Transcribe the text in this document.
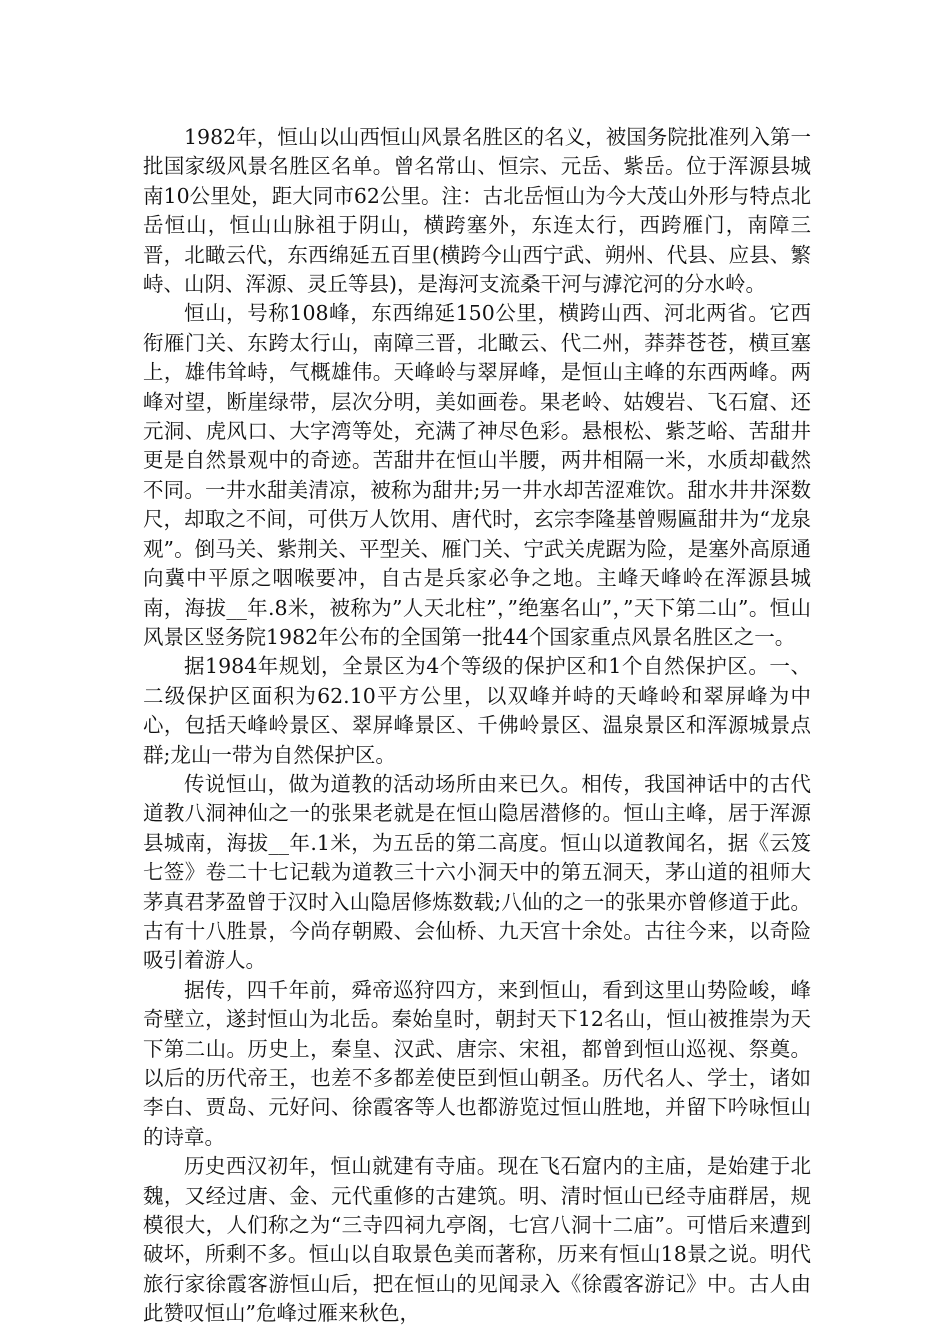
1982年，恒山以山西恒山风景名胜区的名义，被国务院批准列入第一批国家级风景名胜区名单。曾名常山、恒宗、元岳、紫岳。位于浑源县城南10公里处，距大同市62公里。注：古北岳恒山为今大茂山外形与特点北岳恒山，恒山山脉祖于阴山，横跨塞外，东连太行，西跨雁门，南障三晋，北瞰云代，东西绵延五百里(横跨今山西宁武、朔州、代县、应县、繁峙、山阴、浑源、灵丘等县)，是海河支流桑干河与滹沱河的分水岭。

恒山，号称108峰，东西绵延150公里，横跨山西、河北两省。它西衔雁门关、东跨太行山，南障三晋，北瞰云、代二州，莽莽苍苍，横亘塞上，雄伟耸峙，气概雄伟。天峰岭与翠屏峰，是恒山主峰的东西两峰。两峰对望，断崖绿带，层次分明，美如画卷。果老岭、姑嫂岩、飞石窟、还元洞、虎风口、大字湾等处，充满了神尽色彩。悬根松、紫芝峪、苦甜井更是自然景观中的奇迹。苦甜井在恒山半腰，两井相隔一米，水质却截然不同。一井水甜美清凉，被称为甜井;另一井水却苦涩难饮。甜水井井深数尺，却取之不间，可供万人饮用、唐代时，玄宗李隆基曾赐匾甜井为“龙泉观”。倒马关、紫荆关、平型关、雁门关、宁武关虎踞为险，是塞外高原通向冀中平原之咽喉要冲，自古是兵家必争之地。主峰天峰岭在浑源县城南，海拔__年.8米，被称为”人天北柱”，”绝塞名山”，”天下第二山”。恒山风景区竖务院1982年公布的全国第一批44个国家重点风景名胜区之一。

据1984年规划，全景区为4个等级的保护区和1个自然保护区。一、二级保护区面积为62.10平方公里，以双峰并峙的天峰岭和翠屏峰为中心，包括天峰岭景区、翠屏峰景区、千佛岭景区、温泉景区和浑源城景点群;龙山一带为自然保护区。

传说恒山，做为道教的活动场所由来已久。相传，我国神话中的古代道教八洞神仙之一的张果老就是在恒山隐居潜修的。恒山主峰，居于浑源县城南，海拔__年.1米，为五岳的第二高度。恒山以道教闻名，据《云笈七签》卷二十七记载为道教三十六小洞天中的第五洞天，茅山道的祖师大茅真君茅盈曾于汉时入山隐居修炼数载;八仙的之一的张果亦曾修道于此。古有十八胜景，今尚存朝殿、会仙桥、九天宫十余处。古往今来，以奇险吸引着游人。

据传，四千年前，舜帝巡狩四方，来到恒山，看到这里山势险峻，峰奇壁立，遂封恒山为北岳。秦始皇时，朝封天下12名山，恒山被推崇为天下第二山。历史上，秦皇、汉武、唐宗、宋祖，都曾到恒山巡视、祭奠。以后的历代帝王，也差不多都差使臣到恒山朝圣。历代名人、学士，诸如李白、贾岛、元好问、徐霞客等人也都游览过恒山胜地，并留下吟咏恒山的诗章。

历史西汉初年，恒山就建有寺庙。现在飞石窟内的主庙，是始建于北魏，又经过唐、金、元代重修的古建筑。明、清时恒山已经寺庙群居，规模很大，人们称之为“三寺四祠九亭阁，七宫八洞十二庙”。可惜后来遭到破坏，所剩不多。恒山以自取景色美而著称，历来有恒山18景之说。明代旅行家徐霞客游恒山后，把在恒山的见闻录入《徐霞客游记》中。古人由此赞叹恒山”危峰过雁来秋色，
